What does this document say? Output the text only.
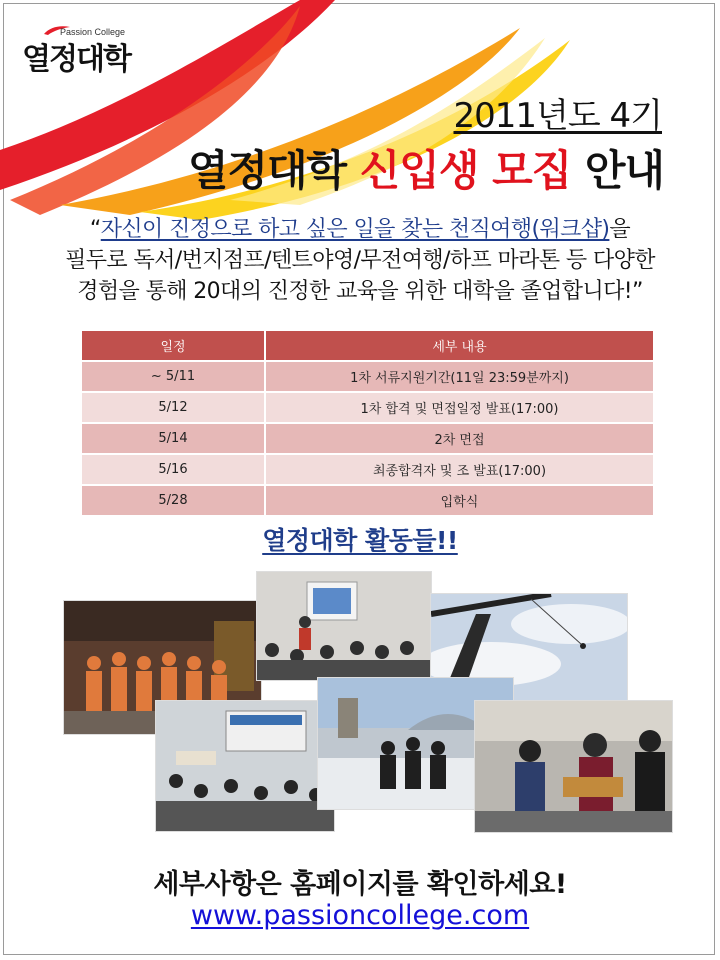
Passion College
열정대학
2011년도 4기
열정대학 신입생 모집 안내
“자신이 진정으로 하고 싶은 일을 찾는 천직여행(워크샵)을
필두로 독서/번지점프/텐트야영/무전여행/하프 마라톤 등 다양한
경험을 통해 20대의 진정한 교육을 위한 대학을 졸업합니다!”
일정	세부 내용
~ 5/11	1차 서류지원기간(11일 23:59분까지)
5/12	1차 합격 및 면접일정 발표(17:00)
5/14	2차 면접
5/16	최종합격자 및 조 발표(17:00)
5/28	입학식
열정대학 활동들!!
세부사항은 홈페이지를 확인하세요!
www.passioncollege.com
